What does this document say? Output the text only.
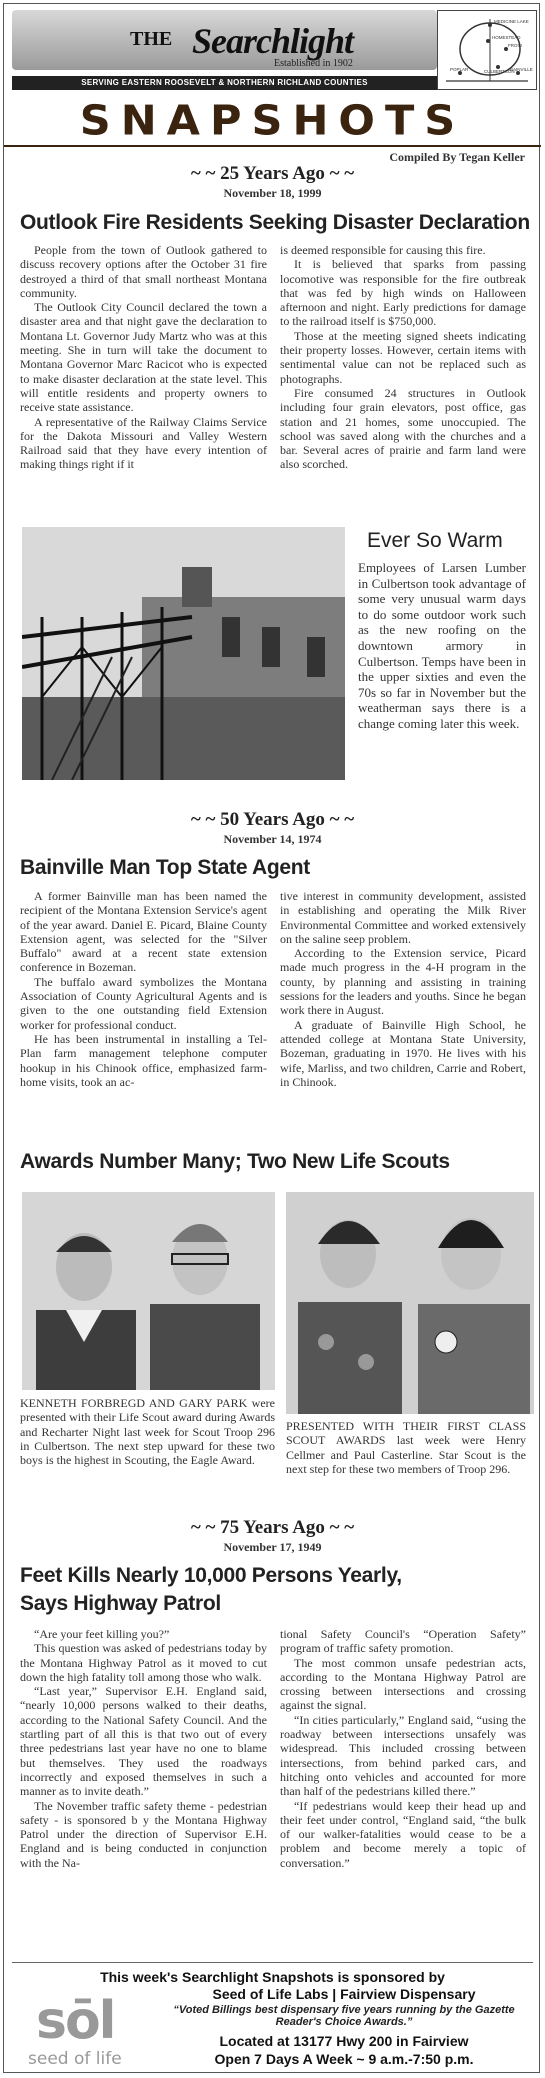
THE Searchlight
Established in 1902
SERVING EASTERN ROOSEVELT & NORTHERN RICHLAND COUNTIES
MEDICINE LAKE
HOMESTEAD
FROID
CULBERTSON
BAINVILLE
POPLAR
SNAPSHOTS
Compiled By Tegan Keller
~ ~ 25 Years Ago ~ ~
November 18, 1999
Outlook Fire Residents Seeking Disaster Declaration

People from the town of Outlook gathered to discuss recovery options after the October 31 fire destroyed a third of that small northeast Montana community.

The Outlook City Council declared the town a disaster area and that night gave the declaration to Montana Lt. Governor Judy Martz who was at this meeting. She in turn will take the document to Montana Governor Marc Racicot who is expected to make disaster declaration at the state level. This will entitle residents and property owners to receive state assistance.

A representative of the Railway Claims Service for the Dakota Missouri and Valley Western Railroad said that they have every intention of making things right if it

is deemed responsible for causing this fire.

It is believed that sparks from passing locomotive was responsible for the fire outbreak that was fed by high winds on Halloween afternoon and night. Early predictions for damage to the railroad itself is $750,000.

Those at the meeting signed sheets indicating their property losses. However, certain items with sentimental value can not be replaced such as photographs.

Fire consumed 24 structures in Outlook including four grain elevators, post office, gas station and 21 homes, some unoccupied. The school was saved along with the churches and a bar. Several acres of prairie and farm land were also scorched.

Ever So Warm
Employees of Larsen Lumber in Culbertson took advantage of some very unusual warm days to do some outdoor work such as the new roofing on the downtown armory in Culbertson. Temps have been in the upper sixties and even the 70s so far in November but the weatherman says there is a change coming later this week.
~ ~ 50 Years Ago ~ ~
November 14, 1974
Bainville Man Top State Agent

A former Bainville man has been named the recipient of the Montana Extension Service's agent of the year award. Daniel E. Picard, Blaine County Extension agent, was selected for the "Silver Buffalo" award at a recent state extension conference in Bozeman.

The buffalo award symbolizes the Montana Association of County Agricultural Agents and is given to the one outstanding field Extension worker for professional conduct.

He has been instrumental in installing a Tel-Plan farm management telephone computer hookup in his Chinook office, emphasized farm-home visits, took an ac-

tive interest in community development, assisted in establishing and operating the Milk River Environmental Committee and worked extensively on the saline seep problem.

According to the Extension service, Picard made much progress in the 4-H program in the county, by planning and assisting in training sessions for the leaders and youths. Since he began work there in August.

A graduate of Bainville High School, he attended college at Montana State University, Bozeman, graduating in 1970. He lives with his wife, Marliss, and two children, Carrie and Robert, in Chinook.

Awards Number Many; Two New Life Scouts
KENNETH FORBREGD AND GARY PARK were presented with their Life Scout award during Awards and Recharter Night last week for Scout Troop 296 in Culbertson. The next step upward for these two boys is the highest in Scouting, the Eagle Award.
PRESENTED WITH THEIR FIRST CLASS SCOUT AWARDS last week were Henry Cellmer and Paul Casterline. Star Scout is the next step for these two members of Troop 296.
~ ~ 75 Years Ago ~ ~
November 17, 1949
Feet Kills Nearly 10,000 Persons Yearly,
Says Highway Patrol

“Are your feet killing you?”

This question was asked of pedestrians today by the Montana Highway Patrol as it moved to cut down the high fatality toll among those who walk.

“Last year,” Supervisor E.H. England said, “nearly 10,000 persons walked to their deaths, according to the National Safety Council. And the startling part of all this is that two out of every three pedestrians last year have no one to blame but themselves. They used the roadways incorrectly and exposed themselves in such a manner as to invite death.”

The November traffic safety theme - pedestrian safety - is sponsored b y the Montana Highway Patrol under the direction of Supervisor E.H. England and is being conducted in conjunction with the Na-

tional Safety Council's “Operation Safety” program of traffic safety promotion.

The most common unsafe pedestrian acts, according to the Montana Highway Patrol are crossing between intersections and crossing against the signal.

“In cities particularly,” England said, “using the roadway between intersections unsafely was widespread. This included crossing between intersections, from behind parked cars, and hitching onto vehicles and accounted for more than half of the pedestrians killed there.”

“If pedestrians would keep their head up and their feet under control, “England said, “the bulk of our walker-fatalities would cease to be a problem and become merely a topic of conversation.”

This week's Searchlight Snapshots is sponsored by
Seed of Life Labs | Fairview Dispensary
“Voted Billings best dispensary five years running by the Gazette Reader's Choice Awards.”
Located at 13177 Hwy 200 in Fairview
Open 7 Days A Week ~ 9 a.m.-7:50 p.m.
sōl
seed of life
